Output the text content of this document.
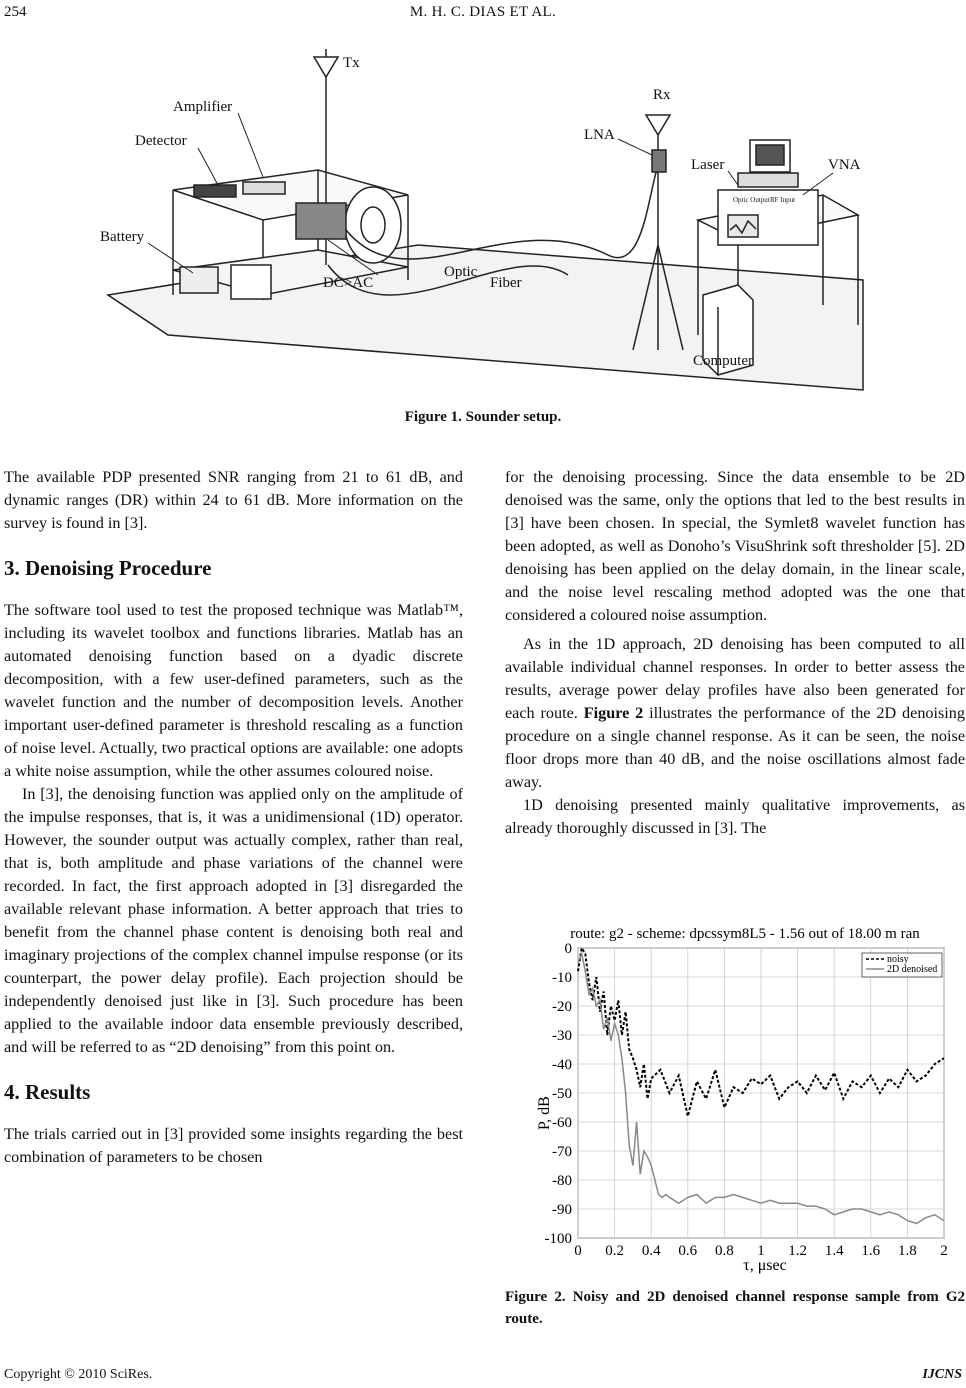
254	M. H. C. DIAS ET AL.
Tx
Amplifier
Detector
Battery
DC>AC
Optic
Fiber
Rx
LNA
Laser	VNA
Computer
Optic Output RF Input
Figure 1. Sounder setup.

The available PDP presented SNR ranging from 21 to 61 dB, and dynamic ranges (DR) within 24 to 61 dB. More information on the survey is found in [3].

3. Denoising Procedure

The software tool used to test the proposed technique was Matlab™, including its wavelet toolbox and functions libraries. Matlab has an automated denoising function based on a dyadic discrete decomposition, with a few user-defined parameters, such as the wavelet function and the number of decomposition levels. Another important user-defined parameter is threshold rescaling as a function of noise level. Actually, two practical options are available: one adopts a white noise assumption, while the other assumes coloured noise.

In [3], the denoising function was applied only on the amplitude of the impulse responses, that is, it was a unidimensional (1D) operator. However, the sounder output was actually complex, rather than real, that is, both amplitude and phase variations of the channel were recorded. In fact, the first approach adopted in [3] disregarded the available relevant phase information. A better approach that tries to benefit from the channel phase content is denoising both real and imaginary projections of the complex channel impulse response (or its counterpart, the power delay profile). Each projection should be independently denoised just like in [3]. Such procedure has been applied to the available indoor data ensemble previously described, and will be referred to as “2D denoising” from this point on.

4. Results

The trials carried out in [3] provided some insights regarding the best combination of parameters to be chosen

for the denoising processing. Since the data ensemble to be 2D denoised was the same, only the options that led to the best results in [3] have been chosen. In special, the Symlet8 wavelet function has been adopted, as well as Donoho’s VisuShrink soft thresholder [5]. 2D denoising has been applied on the delay domain, in the linear scale, and the noise level rescaling method adopted was the one that considered a coloured noise assumption.

As in the 1D approach, 2D denoising has been computed to all available individual channel responses. In order to better assess the results, average power delay profiles have also been generated for each route. Figure 2 illustrates the performance of the 2D denoising procedure on a single channel response. As it can be seen, the noise floor drops more than 40 dB, and the noise oscillations almost fade away.

1D denoising presented mainly qualitative improvements, as already thoroughly discussed in [3]. The

route: g2 - scheme: dpcssym8L5 - 1.56 out of 18.00 m ran
0 0.2 0.4 0.6 0.8 1 1.2 1.4 1.6 1.8 2
0
-10
-20
-30
-40
-50
-60
-70
-80
-90
-100
noisy
2D denoised
P, dB
τ, μsec
Figure 2. Noisy and 2D denoised channel response sample from G2 route.
Copyright © 2010 SciRes.	IJCNS
